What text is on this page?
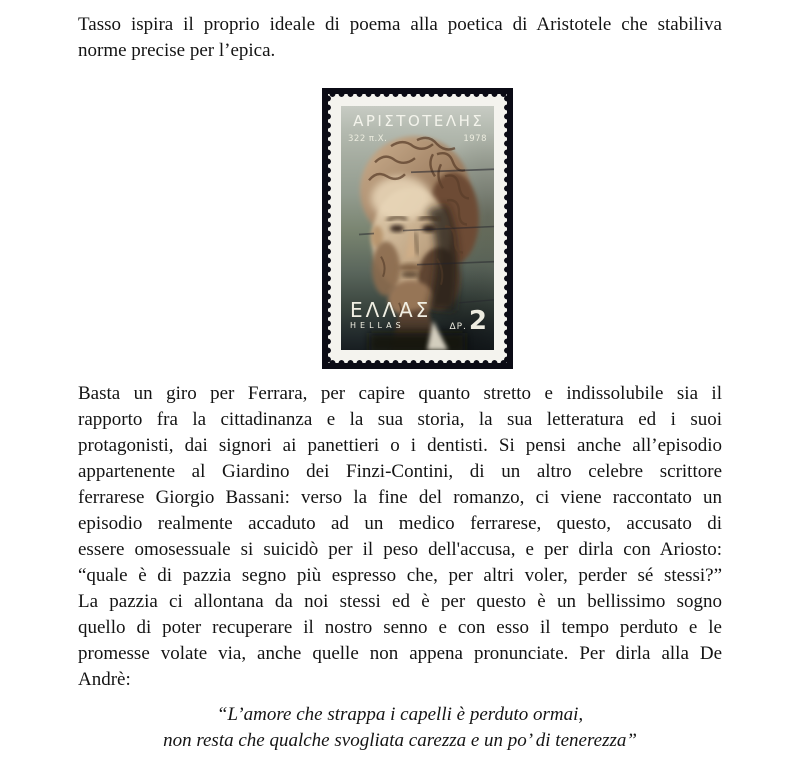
Tasso ispira il proprio ideale di poema alla poetica di Aristotele che stabiliva
norme precise per l’epica.
ΑΡΙΣΤΟΤΕΛΗΣ
322 π.Χ.	1978
ΕΛΛΑΣ
HELLAS	ΔΡ. 2
Basta un giro per Ferrara, per capire quanto stretto e indissolubile sia il
rapporto fra la cittadinanza e la sua storia, la sua letteratura ed i suoi
protagonisti, dai signori ai panettieri o i dentisti. Si pensi anche all’episodio
appartenente al Giardino dei Finzi-Contini, di un altro celebre scrittore
ferrarese Giorgio Bassani: verso la fine del romanzo, ci viene raccontato un
episodio realmente accaduto ad un medico ferrarese, questo, accusato di
essere omosessuale si suicidò per il peso dell'accusa, e per dirla con Ariosto:
“quale è di pazzia segno più espresso che, per altri voler, perder sé stessi?”
La pazzia ci allontana da noi stessi ed è per questo è un bellissimo sogno
quello di poter recuperare il nostro senno e con esso il tempo perduto e le
promesse volate via, anche quelle non appena pronunciate. Per dirla alla De
Andrè:
“L’amore che strappa i capelli è perduto ormai,
non resta che qualche svogliata carezza e un po’ di tenerezza”
